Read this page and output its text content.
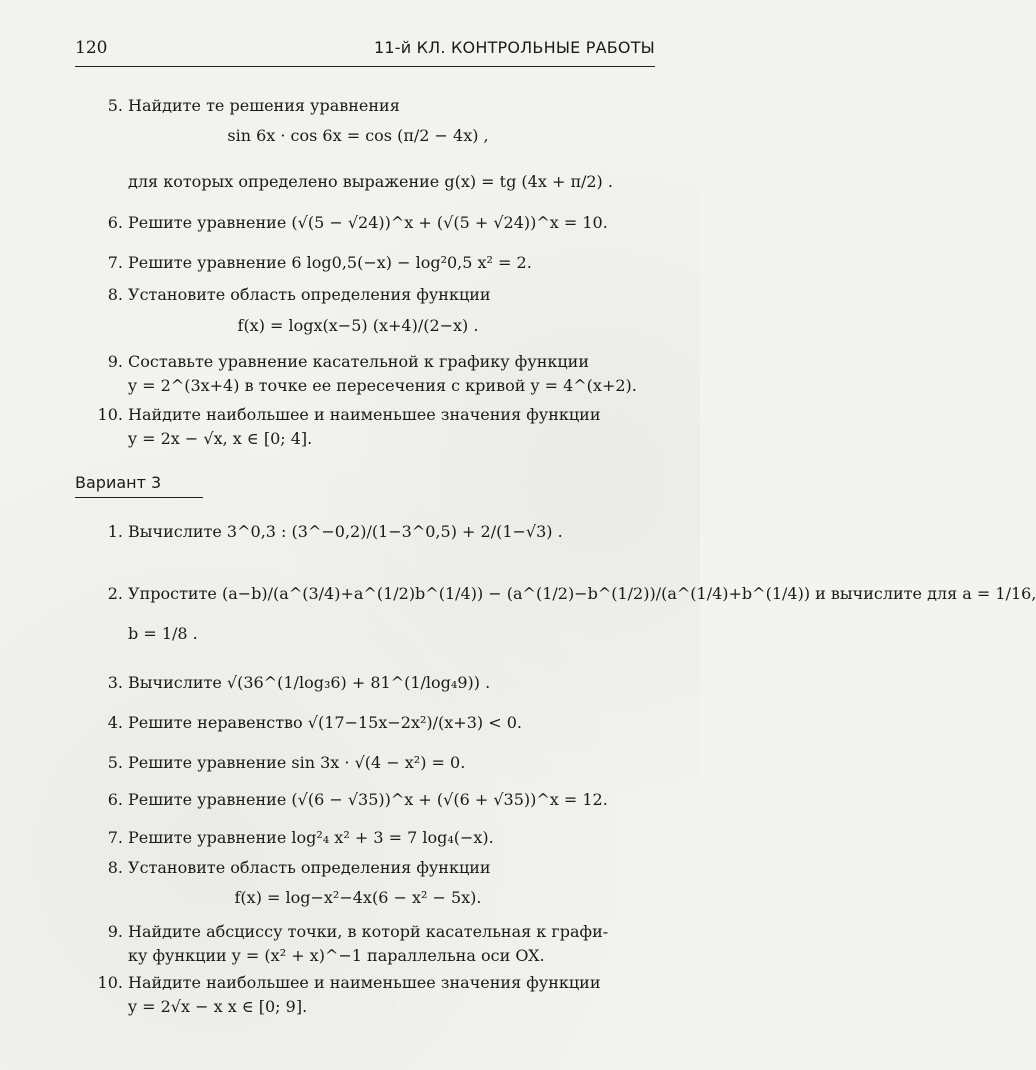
120	11-й КЛ. КОНТРОЛЬНЫЕ РАБОТЫ
5. Найдите те решения уравнения
sin 6x · cos 6x = cos (π/2 − 4x) ,
для которых определено выражение g(x) = tg (4x + π/2) .
6. Решите уравнение (√(5 − √24))^x + (√(5 + √24))^x = 10.
7. Решите уравнение 6 log0,5(−x) − log²0,5 x² = 2.
8. Установите область определения функции
f(x) = logx(x−5) (x+4)/(2−x) .
9. Составьте уравнение касательной к графику функции
y = 2^(3x+4) в точке ее пересечения с кривой y = 4^(x+2).
10. Найдите наибольшее и наименьшее значения функции
y = 2x − √x, x ∈ [0; 4].
Вариант 3
1. Вычислите 3^0,3 : (3^−0,2)/(1−3^0,5) + 2/(1−√3) .
2. Упростите (a−b)/(a^(3/4)+a^(1/2)b^(1/4)) − (a^(1/2)−b^(1/2))/(a^(1/4)+b^(1/4)) и вычислите для a = 1/16,
b = 1/8 .
3. Вычислите √(36^(1/log₃6) + 81^(1/log₄9)) .
4. Решите неравенство √(17−15x−2x²)/(x+3) < 0.
5. Решите уравнение sin 3x · √(4 − x²) = 0.
6. Решите уравнение (√(6 − √35))^x + (√(6 + √35))^x = 12.
7. Решите уравнение log²₄ x² + 3 = 7 log₄(−x).
8. Установите область определения функции
f(x) = log−x²−4x(6 − x² − 5x).
9. Найдите абсциссу точки, в которй касательная к графи-
ку функции y = (x² + x)^−1 параллельна оси OX.
10. Найдите наибольшее и наименьшее значения функции
y = 2√x − x x ∈ [0; 9].
